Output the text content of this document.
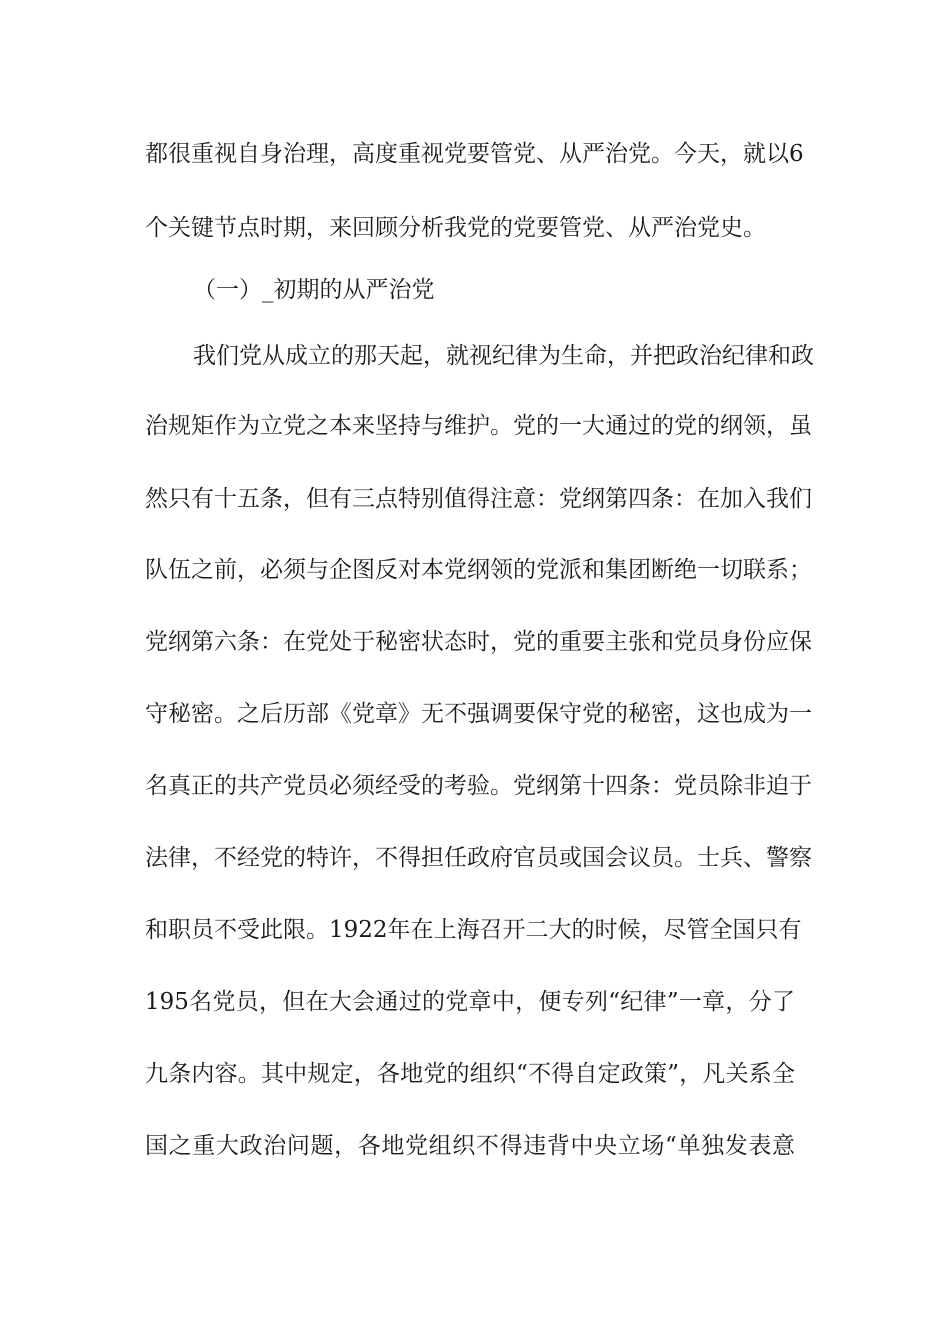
都很重视自身治理，高度重视党要管党、从严治党。今天，就以6
个关键节点时期，来回顾分析我党的党要管党、从严治党史。
（一）_初期的从严治党
我们党从成立的那天起，就视纪律为生命，并把政治纪律和政
治规矩作为立党之本来坚持与维护。党的一大通过的党的纲领，虽
然只有十五条，但有三点特别值得注意：党纲第四条：在加入我们
队伍之前，必须与企图反对本党纲领的党派和集团断绝一切联系；
党纲第六条：在党处于秘密状态时，党的重要主张和党员身份应保
守秘密。之后历部《党章》无不强调要保守党的秘密，这也成为一
名真正的共产党员必须经受的考验。党纲第十四条：党员除非迫于
法律，不经党的特许，不得担任政府官员或国会议员。士兵、警察
和职员不受此限。1922年在上海召开二大的时候，尽管全国只有
195名党员，但在大会通过的党章中，便专列“纪律”一章，分了
九条内容。其中规定，各地党的组织“不得自定政策”，凡关系全
国之重大政治问题，各地党组织不得违背中央立场“单独发表意
